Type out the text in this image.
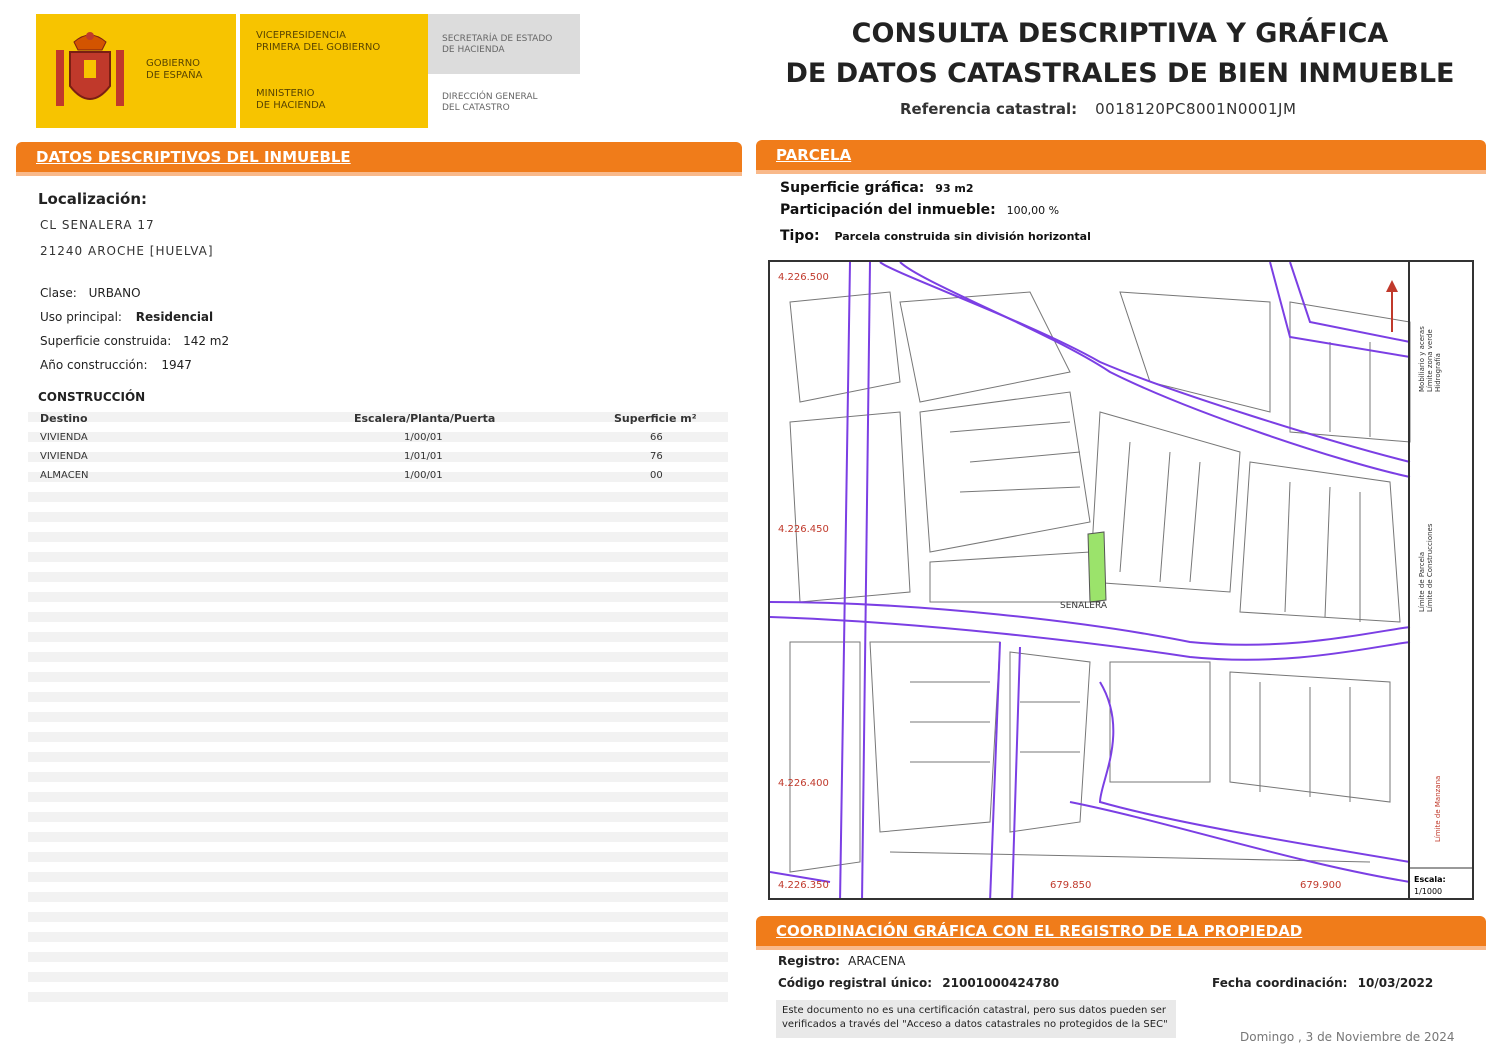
GOBIERNO
DE ESPAÑA
VICEPRESIDENCIA
PRIMERA DEL GOBIERNO
MINISTERIO
DE HACIENDA
SECRETARÍA DE ESTADO
DE HACIENDA
DIRECCIÓN GENERAL
DEL CATASTRO
CONSULTA DESCRIPTIVA Y GRÁFICA
DE DATOS CATASTRALES DE BIEN INMUEBLE
Referencia catastral: 0018120PC8001N0001JM
DATOS DESCRIPTIVOS DEL INMUEBLE
Localización:
CL SENALERA 17
21240 AROCHE [HUELVA]
Clase: URBANO
Uso principal: Residencial
Superficie construida: 142 m2
Año construcción: 1947
CONSTRUCCIÓN
Destino	Escalera/Planta/Puerta	Superficie m²
VIVIENDA	1/00/01	66
VIVIENDA	1/01/01	76
ALMACEN	1/00/01	00
PARCELA
Superficie gráfica: 93 m2
Participación del inmueble: 100,00 %
Tipo: Parcela construida sin división horizontal
4.226.500
4.226.450
4.226.400
4.226.350	679.850	679.900
SENALERA
Límite de Manzana
Límite de Parcela Límite de Construcciones
Mobiliario y aceras Límite zona verde Hidrografía
Escala:
1/1000
COORDINACIÓN GRÁFICA CON EL REGISTRO DE LA PROPIEDAD
Registro: ARACENA
Código registral único: 21001000424780	Fecha coordinación: 10/03/2022
Este documento no es una certificación catastral, pero sus datos pueden ser
verificados a través del "Acceso a datos catastrales no protegidos de la SEC"
Domingo , 3 de Noviembre de 2024
